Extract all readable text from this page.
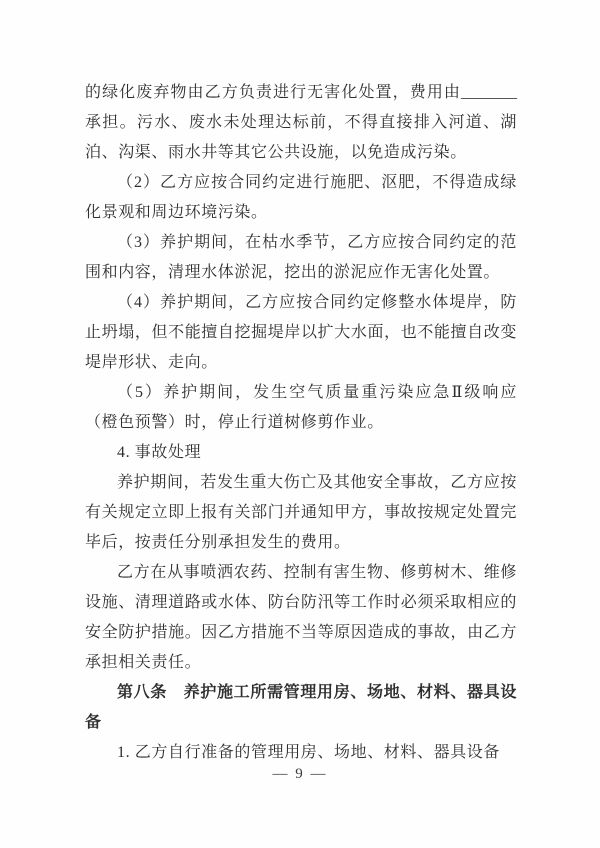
的绿化废弃物由乙方负责进行无害化处置，费用由_______承担。污水、废水未处理达标前，不得直接排入河道、湖泊、沟渠、雨水井等其它公共设施，以免造成污染。

（2）乙方应按合同约定进行施肥、沤肥，不得造成绿化景观和周边环境污染。

（3）养护期间，在枯水季节，乙方应按合同约定的范围和内容，清理水体淤泥，挖出的淤泥应作无害化处置。

（4）养护期间，乙方应按合同约定修整水体堤岸，防止坍塌，但不能擅自挖掘堤岸以扩大水面，也不能擅自改变堤岸形状、走向。

（5）养护期间，发生空气质量重污染应急Ⅱ级响应（橙色预警）时，停止行道树修剪作业。

4. 事故处理

养护期间，若发生重大伤亡及其他安全事故，乙方应按有关规定立即上报有关部门并通知甲方，事故按规定处置完毕后，按责任分别承担发生的费用。

乙方在从事喷洒农药、控制有害生物、修剪树木、维修设施、清理道路或水体、防台防汛等工作时必须采取相应的安全防护措施。因乙方措施不当等原因造成的事故，由乙方承担相关责任。

第八条　养护施工所需管理用房、场地、材料、器具设备

1. 乙方自行准备的管理用房、场地、材料、器具设备

— 9 —
